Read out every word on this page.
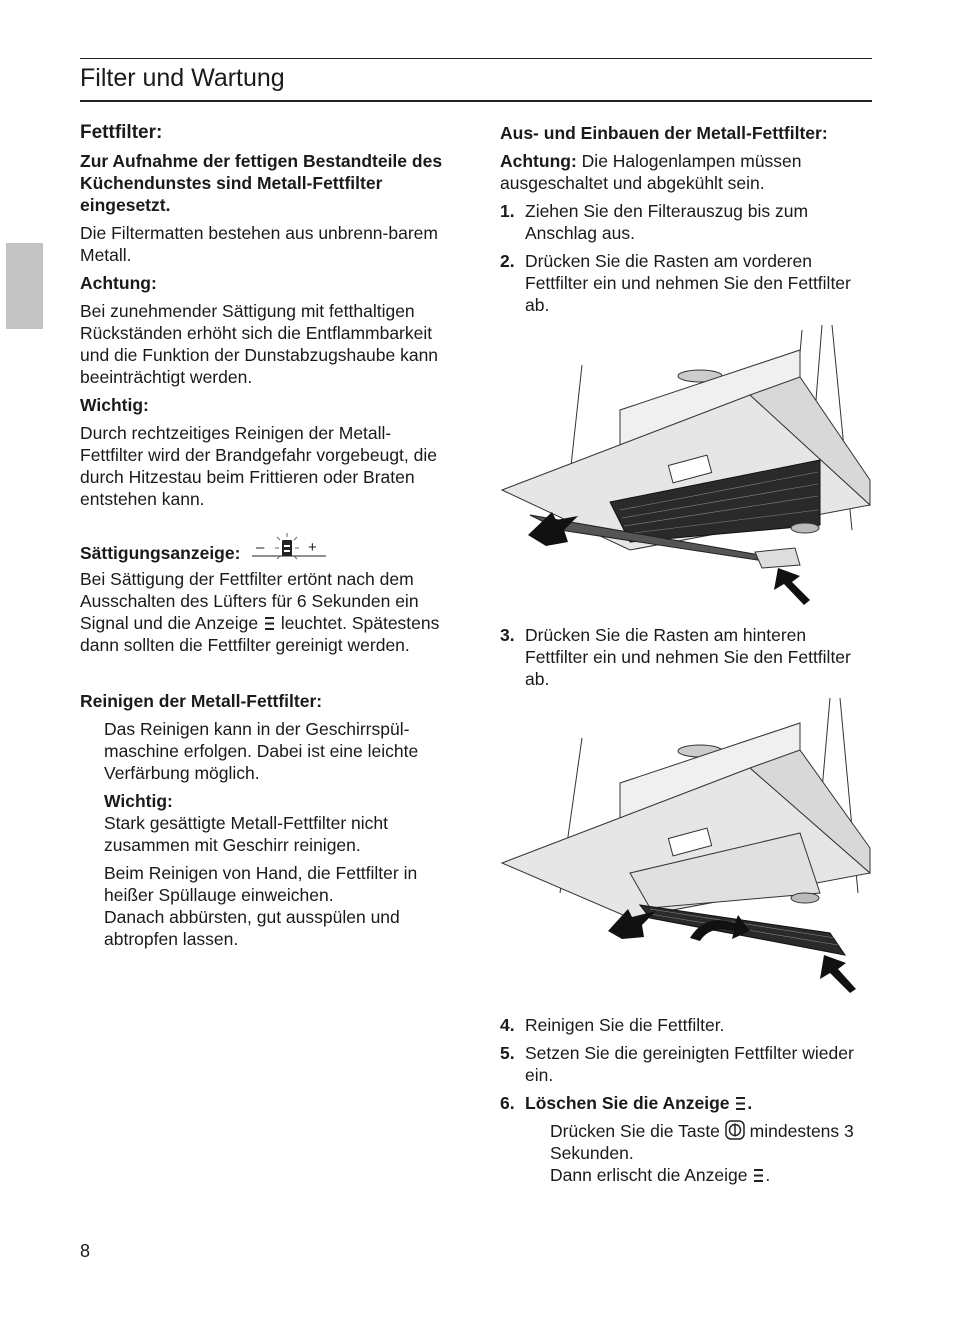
Filter und Wartung
Fettfilter:

Zur Aufnahme der fettigen Bestandteile des Küchendunstes sind Metall-Fettfilter eingesetzt.

Die Filtermatten bestehen aus unbrenn-barem Metall.

Achtung:

Bei zunehmender Sättigung mit fetthaltigen Rückständen erhöht sich die Entflammbarkeit und die Funktion der Dunstabzugshaube kann beeinträchtigt werden.

Wichtig:

Durch rechtzeitiges Reinigen der Metall-Fettfilter wird der Brandgefahr vorgebeugt, die durch Hitzestau beim Frittieren oder Braten entstehen kann.

Sättigungsanzeige: –	+

Bei Sättigung der Fettfilter ertönt nach dem Ausschalten des Lüfters für 6 Sekunden ein Signal und die Anzeige leuchtet. Spätestens dann sollten die Fettfilter gereinigt werden.

Reinigen der Metall-Fettfilter:

Das Reinigen kann in der Geschirrspül-maschine erfolgen. Dabei ist eine leichte Verfärbung möglich.

Wichtig:

Stark gesättigte Metall-Fettfilter nicht zusammen mit Geschirr reinigen.

Beim Reinigen von Hand, die Fettfilter in heißer Spüllauge einweichen.

Danach abbürsten, gut ausspülen und abtropfen lassen.

Aus- und Einbauen der Metall-Fettfilter:

Achtung: Die Halogenlampen müssen ausgeschaltet und abgekühlt sein.

1. Ziehen Sie den Filterauszug bis zum Anschlag aus.
2. Drücken Sie die Rasten am vorderen Fettfilter ein und nehmen Sie den Fettfilter ab.
3. Drücken Sie die Rasten am hinteren Fettfilter ein und nehmen Sie den Fettfilter ab.
4. Reinigen Sie die Fettfilter.
5. Setzen Sie die gereinigten Fettfilter wieder ein.
6. Löschen Sie die Anzeige .

Drücken Sie die Taste mindestens 3 Sekunden.

Dann erlischt die Anzeige .

8
